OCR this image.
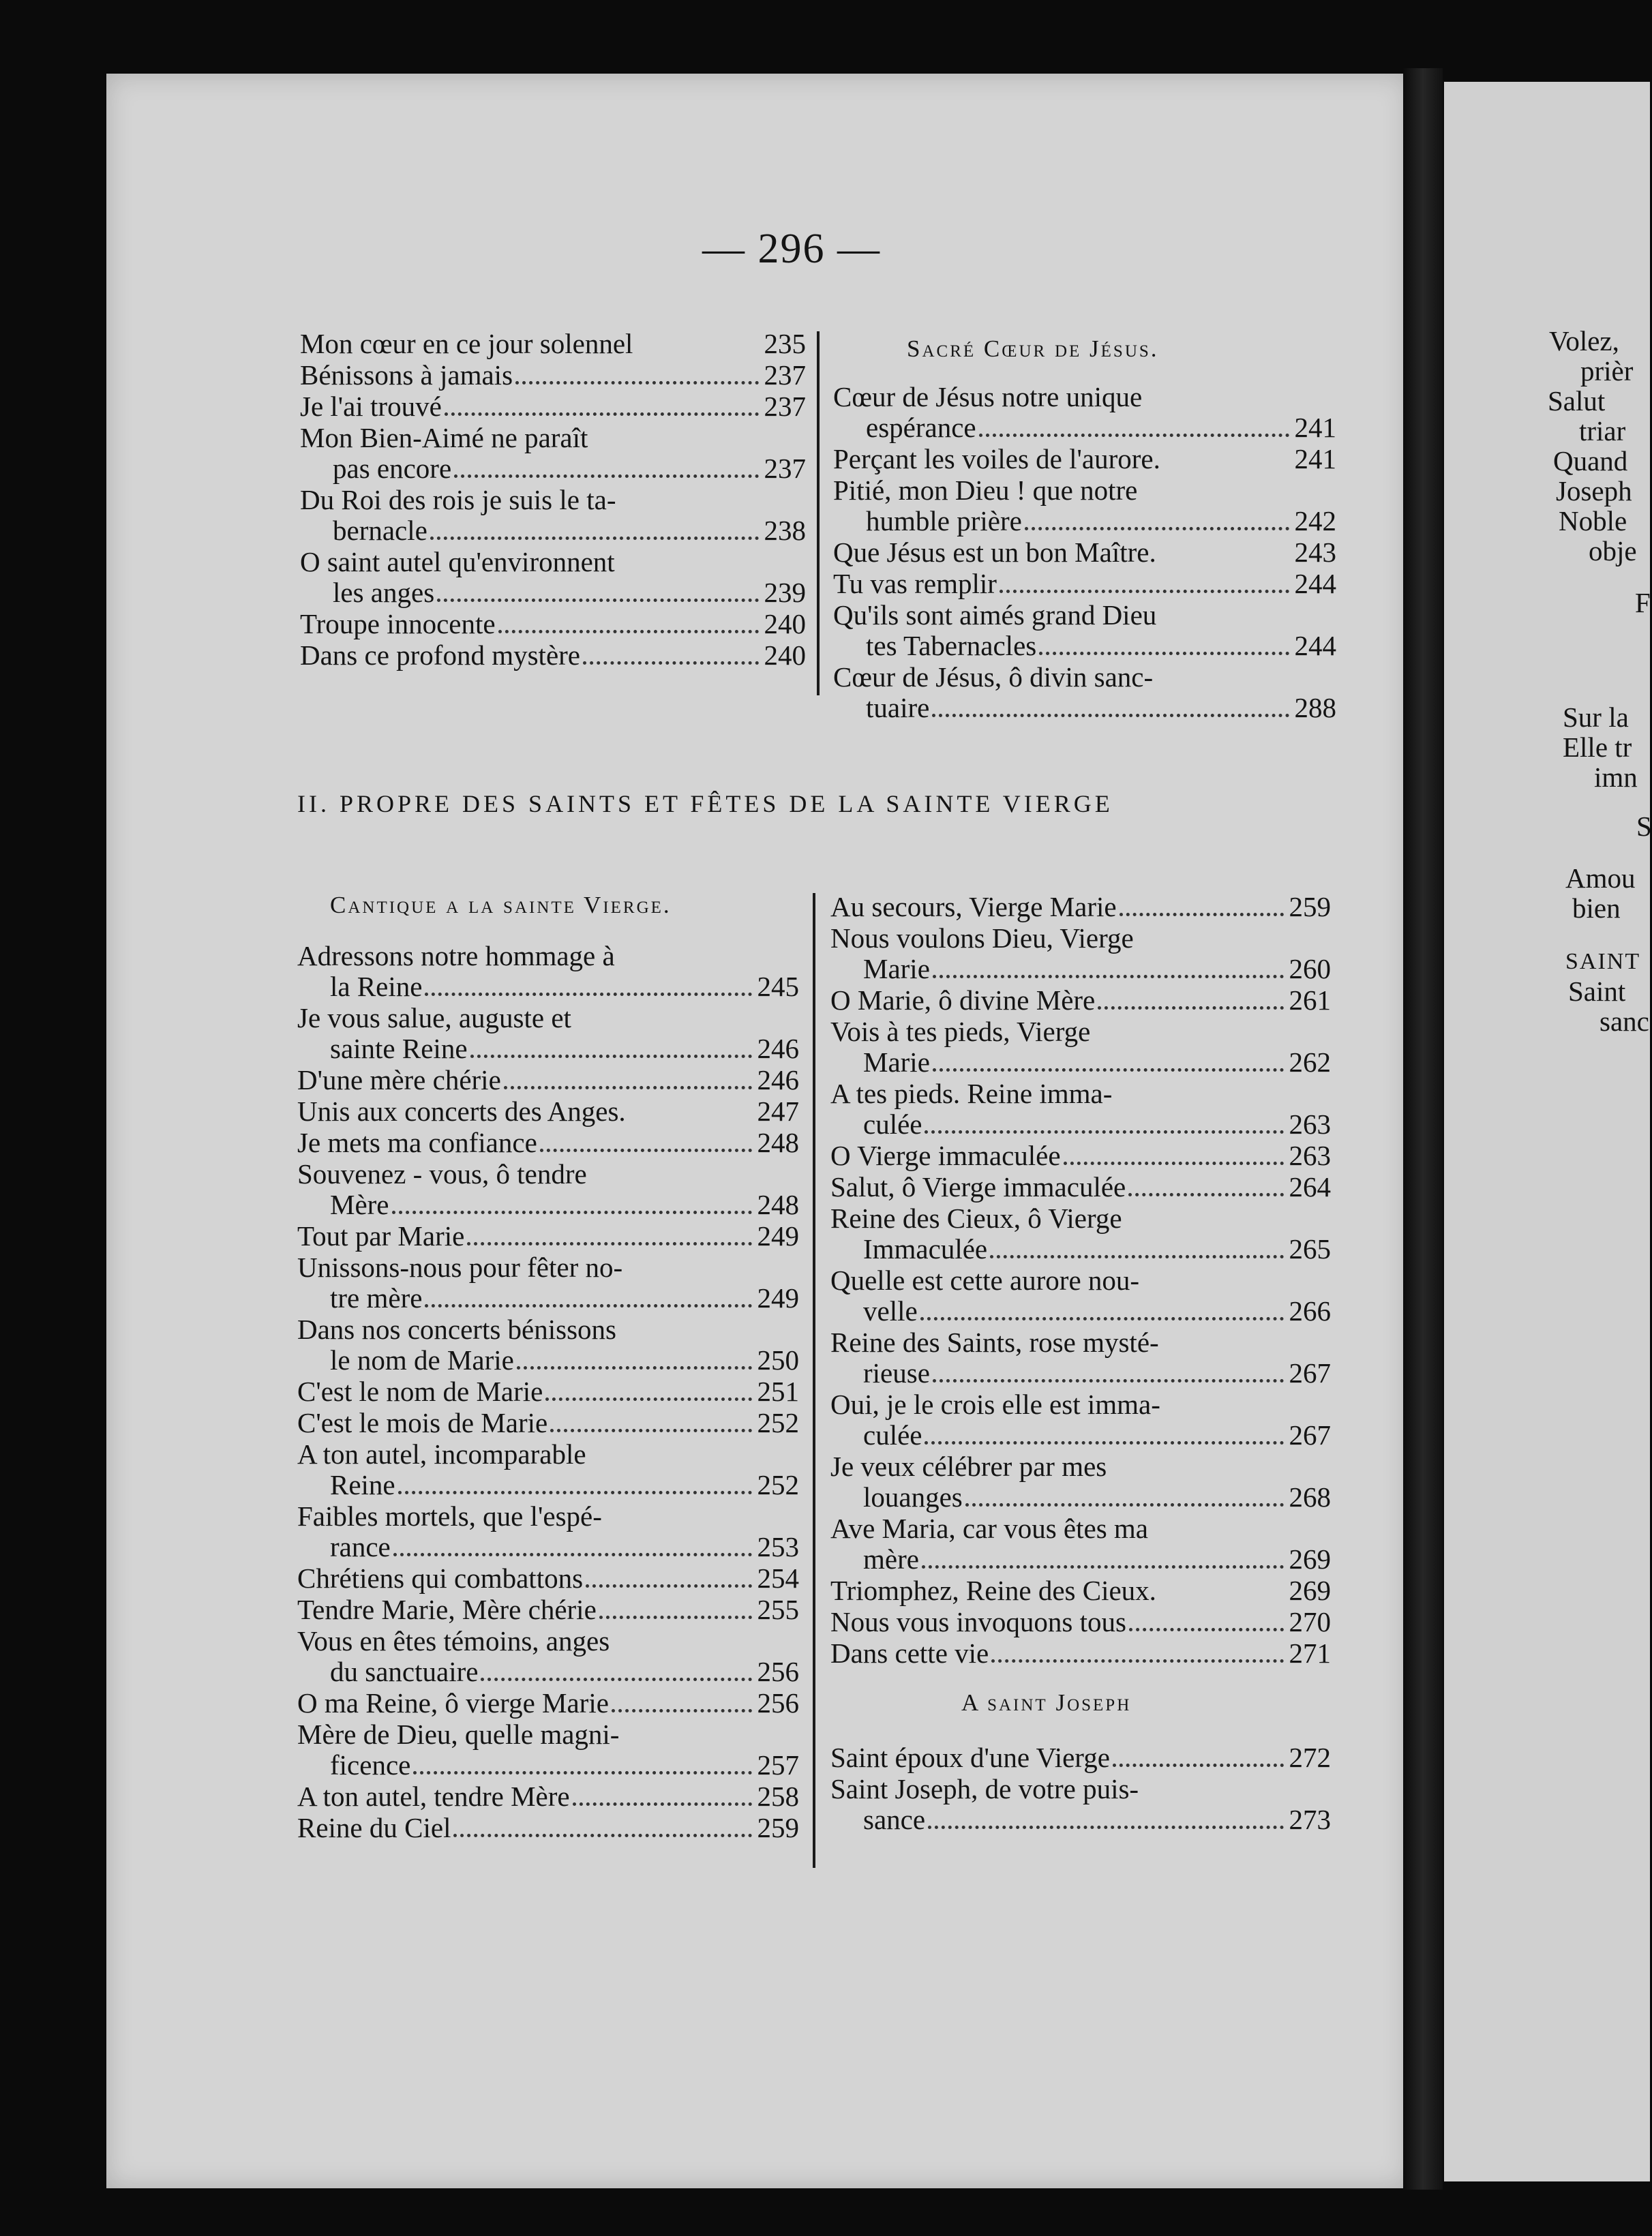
— 296 —
Mon cœur en ce jour solennel	235
Bénissons à jamais	237
Je l'ai trouvé	237
Mon Bien-Aimé ne paraît
pas encore	237
Du Roi des rois je suis le ta-
bernacle	238
O saint autel qu'environnent
les anges	239
Troupe innocente	240
Dans ce profond mystère	240
Sacré Cœur de Jésus.
Cœur de Jésus notre unique
espérance	241
Perçant les voiles de l'aurore.	241
Pitié, mon Dieu ! que notre
humble prière	242
Que Jésus est un bon Maître.	243
Tu vas remplir	244
Qu'ils sont aimés grand Dieu
tes Tabernacles	244
Cœur de Jésus, ô divin sanc-
tuaire	288
II. PROPRE DES SAINTS ET FÊTES DE LA SAINTE VIERGE
Cantique a la sainte Vierge.
Adressons notre hommage à
la Reine	245
Je vous salue, auguste et
sainte Reine	246
D'une mère chérie	246
Unis aux concerts des Anges.	247
Je mets ma confiance	248
Souvenez - vous, ô tendre
Mère	248
Tout par Marie	249
Unissons-nous pour fêter no-
tre mère	249
Dans nos concerts bénissons
le nom de Marie	250
C'est le nom de Marie	251
C'est le mois de Marie	252
A ton autel, incomparable
Reine	252
Faibles mortels, que l'espé-
rance	253
Chrétiens qui combattons	254
Tendre Marie, Mère chérie	255
Vous en êtes témoins, anges
du sanctuaire	256
O ma Reine, ô vierge Marie	256
Mère de Dieu, quelle magni-
ficence	257
A ton autel, tendre Mère	258
Reine du Ciel	259
Au secours, Vierge Marie	259
Nous voulons Dieu, Vierge
Marie	260
O Marie, ô divine Mère	261
Vois à tes pieds, Vierge
Marie	262
A tes pieds. Reine imma-
culée	263
O Vierge immaculée	263
Salut, ô Vierge immaculée	264
Reine des Cieux, ô Vierge
Immaculée	265
Quelle est cette aurore nou-
velle	266
Reine des Saints, rose mysté-
rieuse	267
Oui, je le crois elle est imma-
culée	267
Je veux célébrer par mes
louanges	268
Ave Maria, car vous êtes ma
mère	269
Triomphez, Reine des Cieux.	269
Nous vous invoquons tous	270
Dans cette vie	271
A saint Joseph
Saint époux d'une Vierge	272
Saint Joseph, de votre puis-
sance	273
Volez,
prièr
Salut
triar
Quand
Joseph
Noble
obje
F
Sur la
Elle tr
imn
S
Amou
bien
SAINT
Saint
sanc
